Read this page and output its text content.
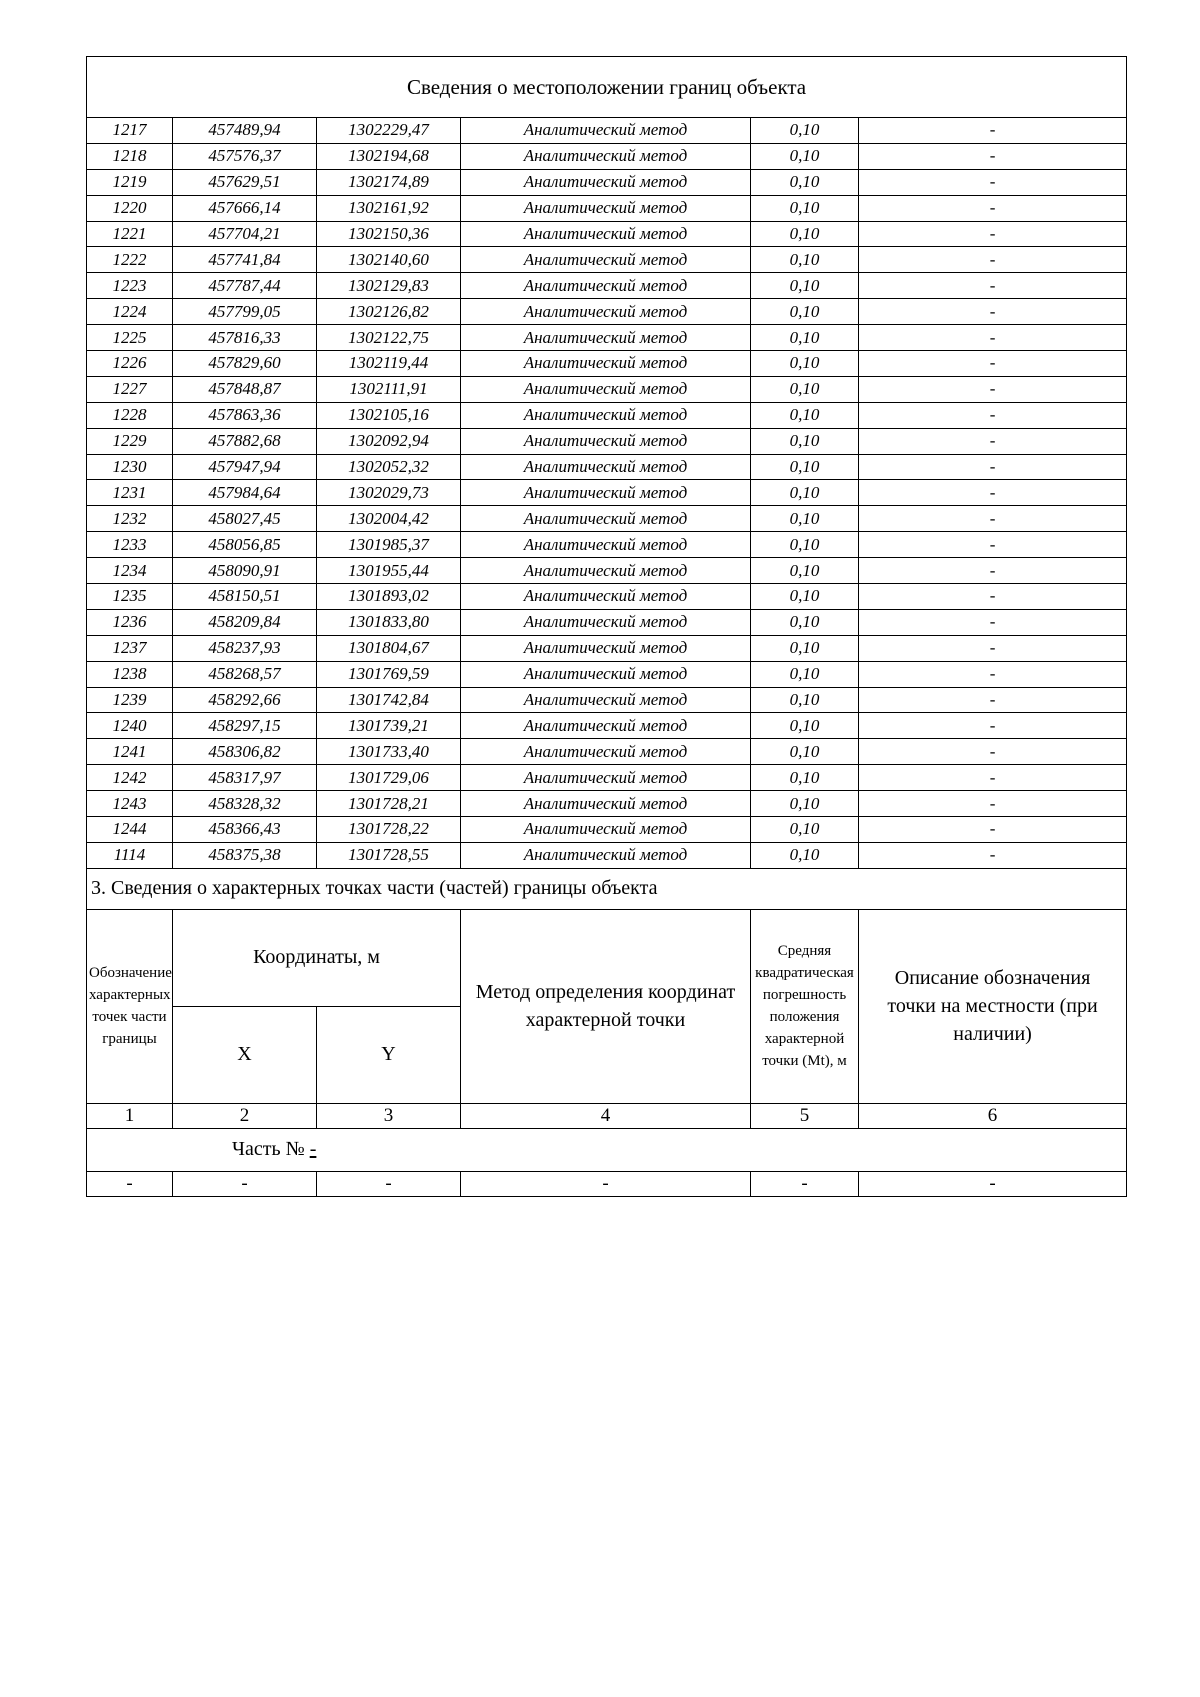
Сведения о местоположении границ объекта					
1217	457489,94	1302229,47	Аналитический метод	0,10	-
1218	457576,37	1302194,68	Аналитический метод	0,10	-
1219	457629,51	1302174,89	Аналитический метод	0,10	-
1220	457666,14	1302161,92	Аналитический метод	0,10	-
1221	457704,21	1302150,36	Аналитический метод	0,10	-
1222	457741,84	1302140,60	Аналитический метод	0,10	-
1223	457787,44	1302129,83	Аналитический метод	0,10	-
1224	457799,05	1302126,82	Аналитический метод	0,10	-
1225	457816,33	1302122,75	Аналитический метод	0,10	-
1226	457829,60	1302119,44	Аналитический метод	0,10	-
1227	457848,87	1302111,91	Аналитический метод	0,10	-
1228	457863,36	1302105,16	Аналитический метод	0,10	-
1229	457882,68	1302092,94	Аналитический метод	0,10	-
1230	457947,94	1302052,32	Аналитический метод	0,10	-
1231	457984,64	1302029,73	Аналитический метод	0,10	-
1232	458027,45	1302004,42	Аналитический метод	0,10	-
1233	458056,85	1301985,37	Аналитический метод	0,10	-
1234	458090,91	1301955,44	Аналитический метод	0,10	-
1235	458150,51	1301893,02	Аналитический метод	0,10	-
1236	458209,84	1301833,80	Аналитический метод	0,10	-
1237	458237,93	1301804,67	Аналитический метод	0,10	-
1238	458268,57	1301769,59	Аналитический метод	0,10	-
1239	458292,66	1301742,84	Аналитический метод	0,10	-
1240	458297,15	1301739,21	Аналитический метод	0,10	-
1241	458306,82	1301733,40	Аналитический метод	0,10	-
1242	458317,97	1301729,06	Аналитический метод	0,10	-
1243	458328,32	1301728,21	Аналитический метод	0,10	-
1244	458366,43	1301728,22	Аналитический метод	0,10	-
1114	458375,38	1301728,55	Аналитический метод	0,10	-
3. Сведения о характерных точках части (частей) границы объекта					
Обозначение характерных точек части границы	Координаты, м		Метод определения координат характерной точки	Средняя квадратическая погрешность положения характерной точки (Mt), м	Описание обозначения точки на местности (при наличии)
	X	Y			
1	2	3	4	5	6
Часть № -					
-	-	-	-	-	-
